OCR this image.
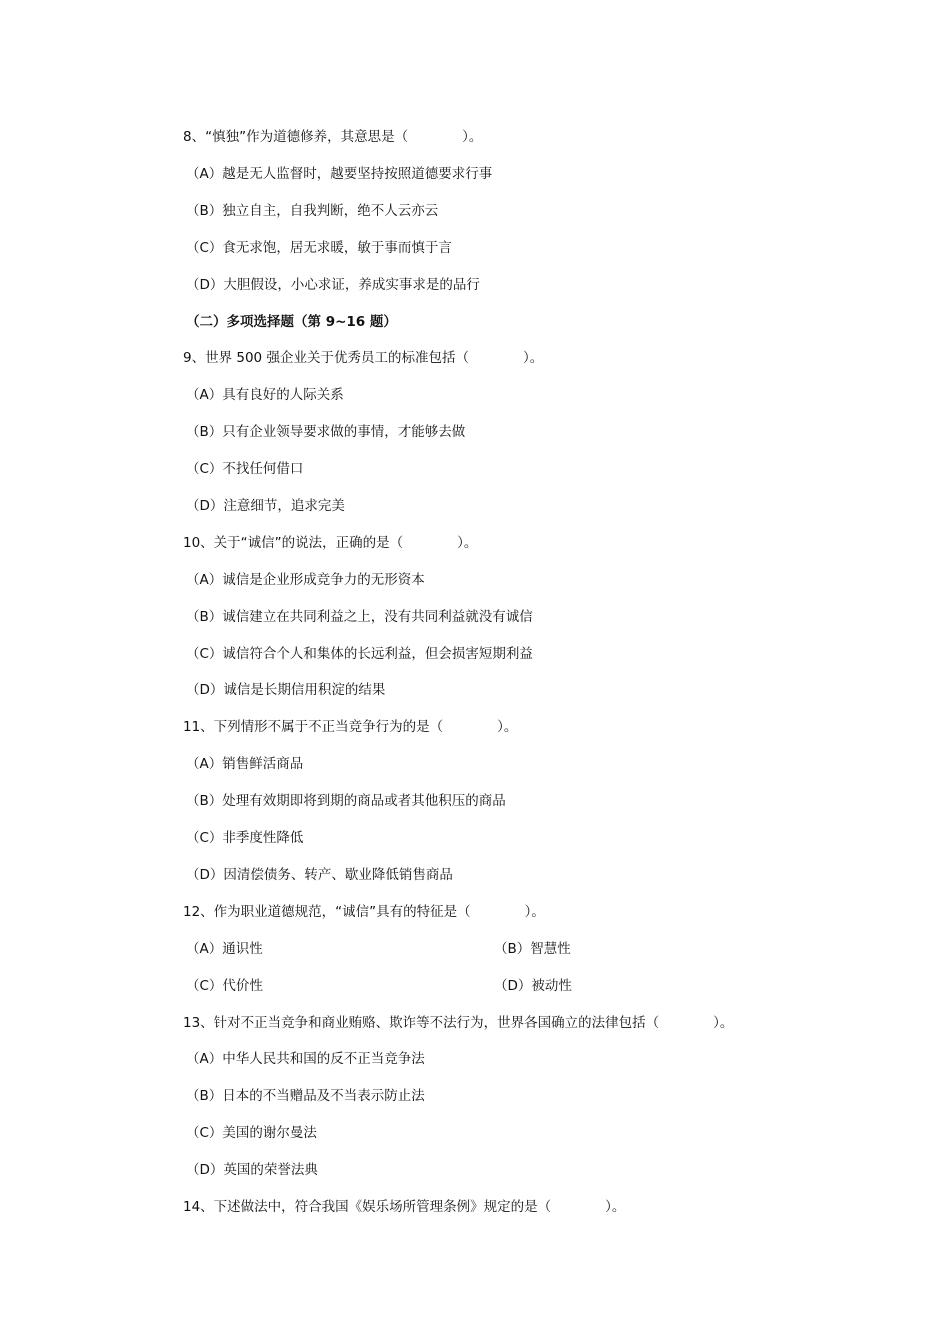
8、“慎独”作为道德修养，其意思是（　　　　）。
（A）越是无人监督时，越要坚持按照道德要求行事
（B）独立自主，自我判断，绝不人云亦云
（C）食无求饱，居无求暖，敏于事而慎于言
（D）大胆假设，小心求证，养成实事求是的品行
（二）多项选择题（第 9~16 题）
9、世界 500 强企业关于优秀员工的标准包括（　　　　）。
（A）具有良好的人际关系
（B）只有企业领导要求做的事情，才能够去做
（C）不找任何借口
（D）注意细节，追求完美
10、关于“诚信”的说法，正确的是（　　　　）。
（A）诚信是企业形成竞争力的无形资本
（B）诚信建立在共同利益之上，没有共同利益就没有诚信
（C）诚信符合个人和集体的长远利益，但会损害短期利益
（D）诚信是长期信用积淀的结果
11、下列情形不属于不正当竞争行为的是（　　　　）。
（A）销售鲜活商品
（B）处理有效期即将到期的商品或者其他积压的商品
（C）非季度性降低
（D）因清偿债务、转产、歇业降低销售商品
12、作为职业道德规范，“诚信”具有的特征是（　　　　）。
（A）通识性	（B）智慧性
（C）代价性	（D）被动性
13、针对不正当竞争和商业贿赂、欺诈等不法行为，世界各国确立的法律包括（　　　　）。
（A）中华人民共和国的反不正当竞争法
（B）日本的不当赠品及不当表示防止法
（C）美国的谢尔曼法
（D）英国的荣誉法典
14、下述做法中，符合我国《娱乐场所管理条例》规定的是（　　　　）。
